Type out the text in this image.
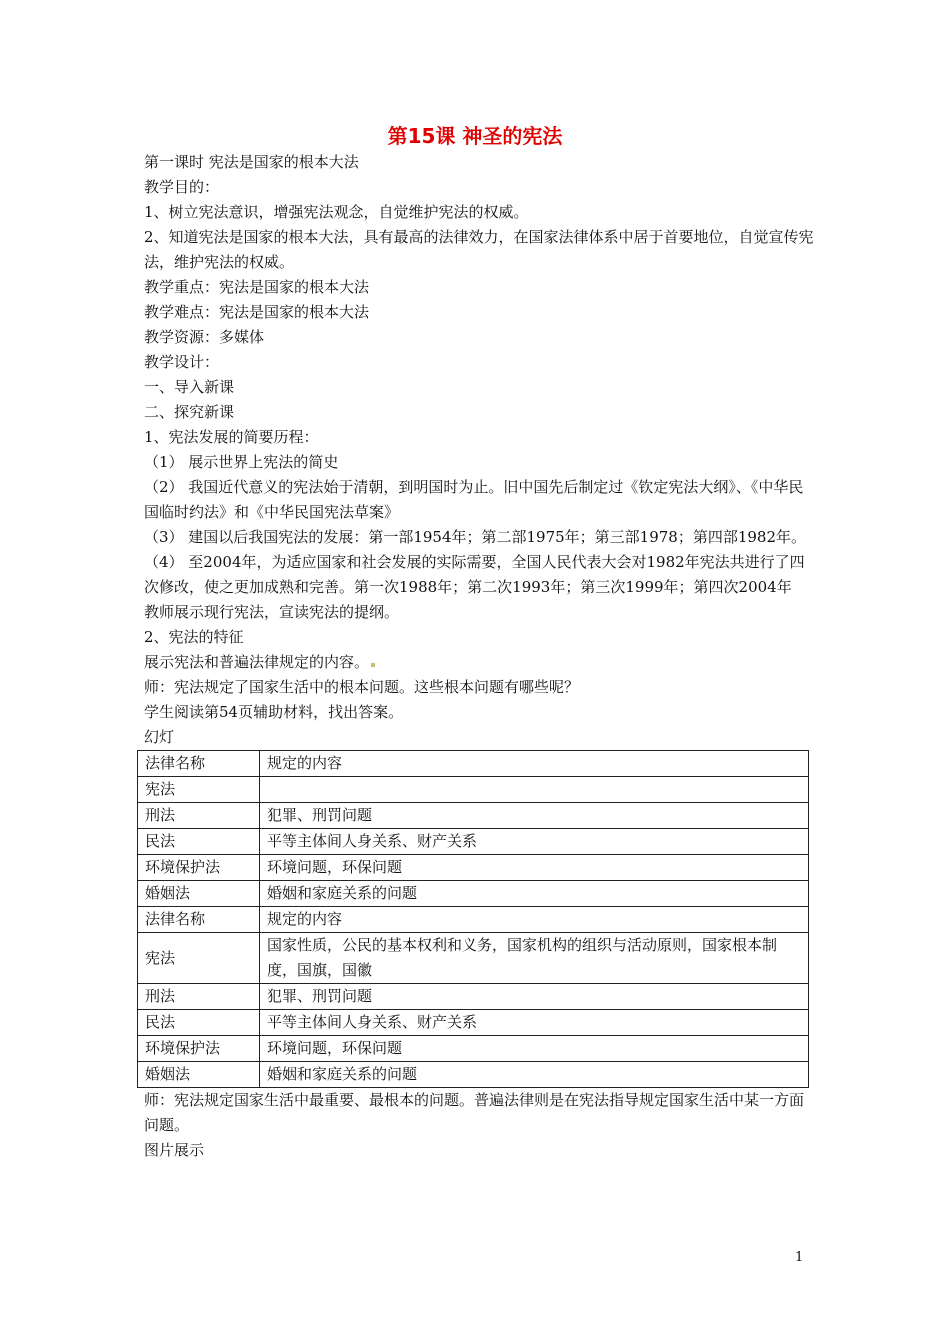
第15课 神圣的宪法

第一课时 宪法是国家的根本大法

教学目的：

1、树立宪法意识，增强宪法观念，自觉维护宪法的权威。

2、知道宪法是国家的根本大法，具有最高的法律效力，在国家法律体系中居于首要地位，自觉宣传宪法，维护宪法的权威。

教学重点：宪法是国家的根本大法

教学难点：宪法是国家的根本大法

教学资源：多媒体

教学设计：

一、导入新课

二、探究新课

1、宪法发展的简要历程：

（1） 展示世界上宪法的简史

（2） 我国近代意义的宪法始于清朝，到明国时为止。旧中国先后制定过《钦定宪法大纲》、《中华民国临时约法》和《中华民国宪法草案》

（3） 建国以后我国宪法的发展：第一部1954年；第二部1975年；第三部1978；第四部1982年。

（4） 至2004年，为适应国家和社会发展的实际需要，全国人民代表大会对1982年宪法共进行了四次修改，使之更加成熟和完善。第一次1988年；第二次1993年；第三次1999年；第四次2004年

教师展示现行宪法，宣读宪法的提纲。

2、宪法的特征

展示宪法和普遍法律规定的内容。

师：宪法规定了国家生活中的根本问题。这些根本问题有哪些呢？

学生阅读第54页辅助材料，找出答案。

幻灯

法律名称	规定的内容
宪法	
刑法	犯罪、刑罚问题
民法	平等主体间人身关系、财产关系
环境保护法	环境问题，环保问题
婚姻法	婚姻和家庭关系的问题
法律名称	规定的内容
宪法	国家性质，公民的基本权利和义务，国家机构的组织与活动原则，国家根本制度，国旗，国徽
刑法	犯罪、刑罚问题
民法	平等主体间人身关系、财产关系
环境保护法	环境问题，环保问题
婚姻法	婚姻和家庭关系的问题

师：宪法规定国家生活中最重要、最根本的问题。普遍法律则是在宪法指导规定国家生活中某一方面问题。

图片展示

1
